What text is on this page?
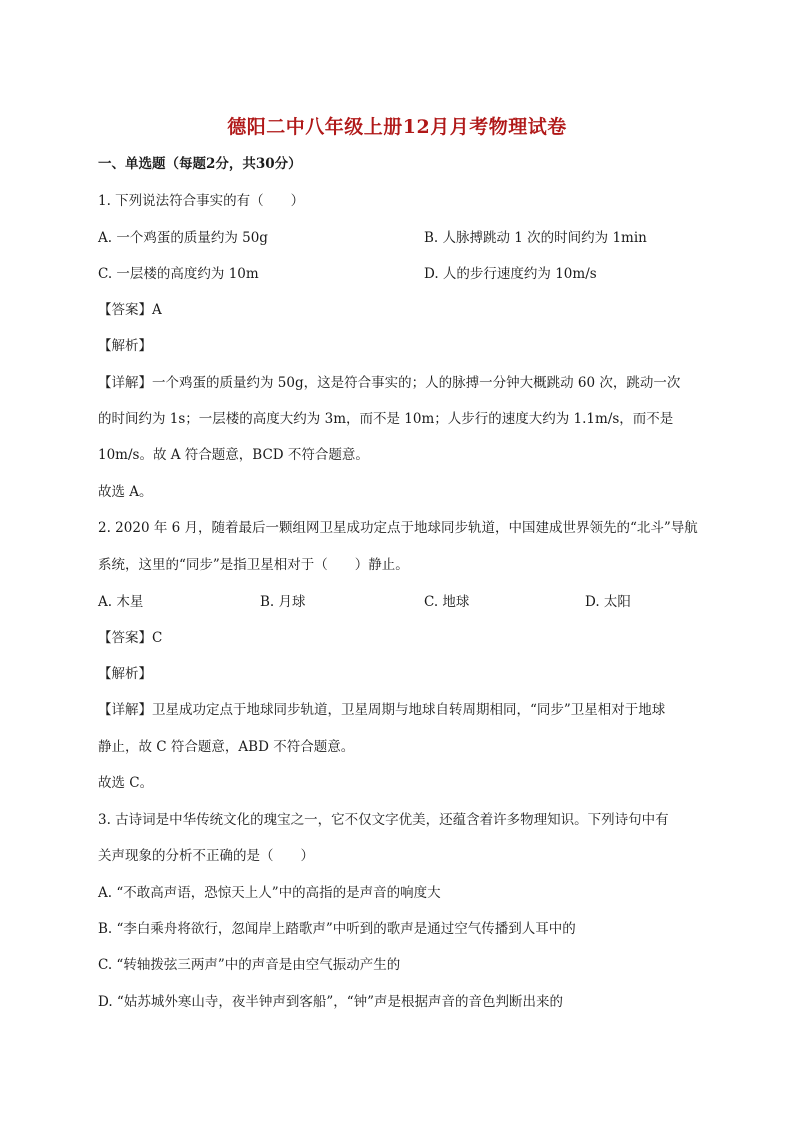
德阳二中八年级上册12月月考物理试卷
一、单选题（每题2分，共30分）
1. 下列说法符合事实的有（　　）
A. 一个鸡蛋的质量约为 50g	B. 人脉搏跳动 1 次的时间约为 1min
C. 一层楼的高度约为 10m	D. 人的步行速度约为 10m/s
【答案】A
【解析】
【详解】一个鸡蛋的质量约为 50g，这是符合事实的；人的脉搏一分钟大概跳动 60 次，跳动一次
的时间约为 1s；一层楼的高度大约为 3m，而不是 10m；人步行的速度大约为 1.1m/s，而不是
10m/s。故 A 符合题意，BCD 不符合题意。
故选 A。
2. 2020 年 6 月，随着最后一颗组网卫星成功定点于地球同步轨道，中国建成世界领先的“北斗”导航
系统，这里的“同步”是指卫星相对于（　　）静止。
A. 木星	B. 月球	C. 地球	D. 太阳
【答案】C
【解析】
【详解】卫星成功定点于地球同步轨道，卫星周期与地球自转周期相同，“同步”卫星相对于地球
静止，故 C 符合题意，ABD 不符合题意。
故选 C。
3. 古诗词是中华传统文化的瑰宝之一，它不仅文字优美，还蕴含着许多物理知识。下列诗句中有
关声现象的分析不正确的是（　　）
A. “不敢高声语，恐惊天上人”中的高指的是声音的响度大
B. “李白乘舟将欲行，忽闻岸上踏歌声”中听到的歌声是通过空气传播到人耳中的
C. “转轴拨弦三两声”中的声音是由空气振动产生的
D. “姑苏城外寒山寺，夜半钟声到客船”，“钟”声是根据声音的音色判断出来的
